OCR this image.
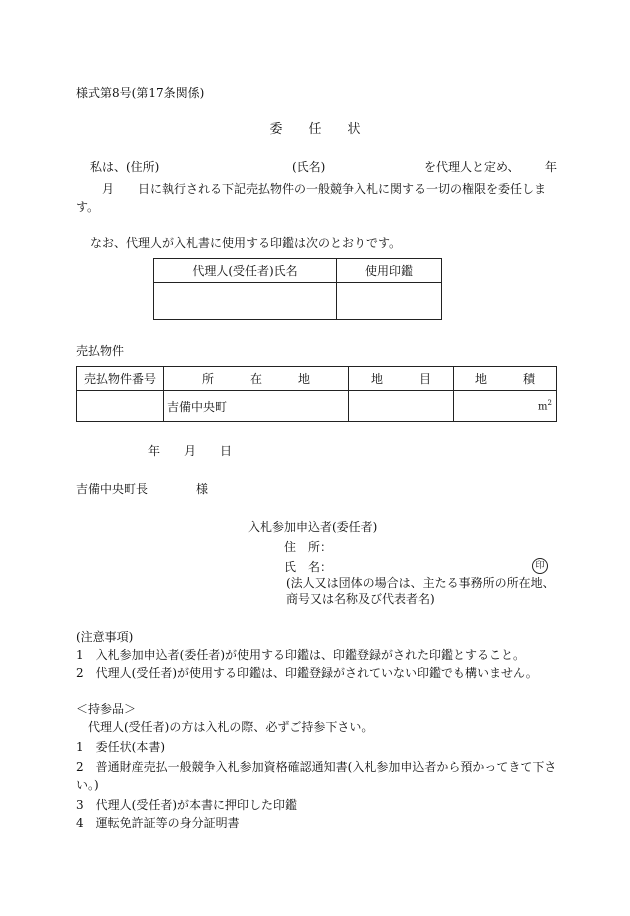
様式第8号(第17条関係)
委　　任　　状
私は、(住所)	(氏名)	を代理人と定め、 年
月　　日に執行される下記売払物件の一般競争入札に関する一切の権限を委任しま
す。
なお、代理人が入札書に使用する印鑑は次のとおりです。
代理人(受任者)氏名	使用印鑑

売払物件
売払物件番号	所　　　在　　　地	地　　　目	地　　　積
	吉備中央町		$m^2$
年　　月　　日
吉備中央町長	様
入札参加申込者(委任者)
住　所：
氏　名：	印
(法人又は団体の場合は、主たる事務所の所在地、
商号又は名称及び代表者名)
(注意事項)
1　入札参加申込者(委任者)が使用する印鑑は、印鑑登録がされた印鑑とすること。
2　代理人(受任者)が使用する印鑑は、印鑑登録がされていない印鑑でも構いません。
＜持参品＞
代理人(受任者)の方は入札の際、必ずご持参下さい。
1　委任状(本書)
2　普通財産売払一般競争入札参加資格確認通知書(入札参加申込者から預かってきて下さ
い。)
3　代理人(受任者)が本書に押印した印鑑
4　運転免許証等の身分証明書
